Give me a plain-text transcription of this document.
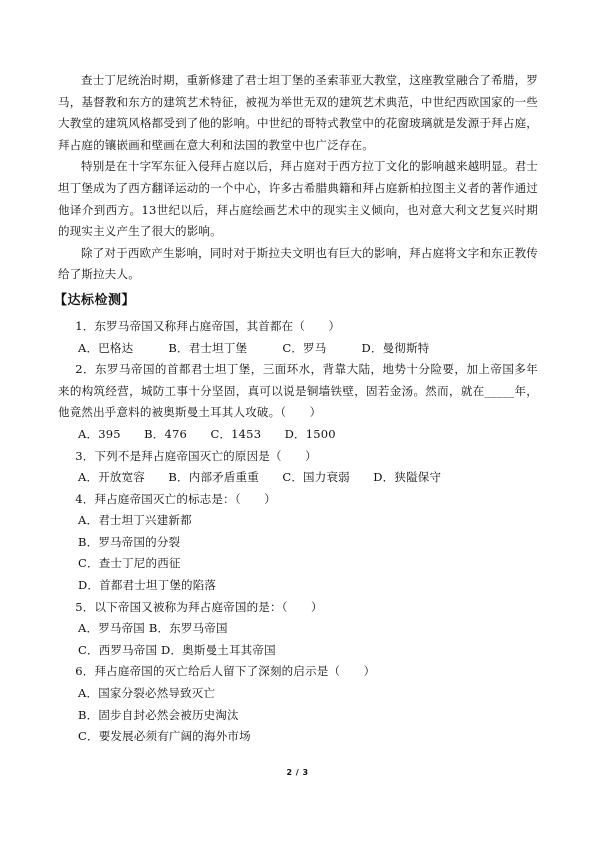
查士丁尼统治时期，重新修建了君士坦丁堡的圣索菲亚大教堂，这座教堂融合了希腊，罗马，基督教和东方的建筑艺术特征，被视为举世无双的建筑艺术典范，中世纪西欧国家的一些大教堂的建筑风格都受到了他的影响。中世纪的哥特式教堂中的花窗玻璃就是发源于拜占庭，拜占庭的镶嵌画和壁画在意大利和法国的教堂中也广泛存在。

特别是在十字军东征入侵拜占庭以后，拜占庭对于西方拉丁文化的影响越来越明显。君士坦丁堡成为了西方翻译运动的一个中心，许多古希腊典籍和拜占庭新柏拉图主义者的著作通过他译介到西方。13世纪以后，拜占庭绘画艺术中的现实主义倾向，也对意大利文艺复兴时期的现实主义产生了很大的影响。

除了对于西欧产生影响，同时对于斯拉夫文明也有巨大的影响，拜占庭将文字和东正教传给了斯拉夫人。

【达标检测】

1．东罗马帝国又称拜占庭帝国，其首都在（　　）

A．巴格达　　　B．君士坦丁堡　　　C．罗马　　　D．曼彻斯特

2．东罗马帝国的首都君士坦丁堡，三面环水，背靠大陆，地势十分险要，加上帝国多年来的构筑经营，城防工事十分坚固，真可以说是铜墙铁壁，固若金汤。然而，就在_____年，他竟然出乎意料的被奥斯曼土耳其人攻破。（　　）

A．395　　B．476　　C．1453　　D．1500

3．下列不是拜占庭帝国灭亡的原因是（　　）

A．开放宽容　　B．内部矛盾重重　　C．国力衰弱　　D．狭隘保守

4．拜占庭帝国灭亡的标志是：（　　）

A．君士坦丁兴建新都

B．罗马帝国的分裂

C．查士丁尼的西征

D．首都君士坦丁堡的陷落

5．以下帝国又被称为拜占庭帝国的是：（　　）

A．罗马帝国 B．东罗马帝国

C．西罗马帝国 D．奥斯曼土耳其帝国

6．拜占庭帝国的灭亡给后人留下了深刻的启示是（　　）

A．国家分裂必然导致灭亡

B．固步自封必然会被历史淘汰

C．要发展必须有广阔的海外市场

2 / 3
